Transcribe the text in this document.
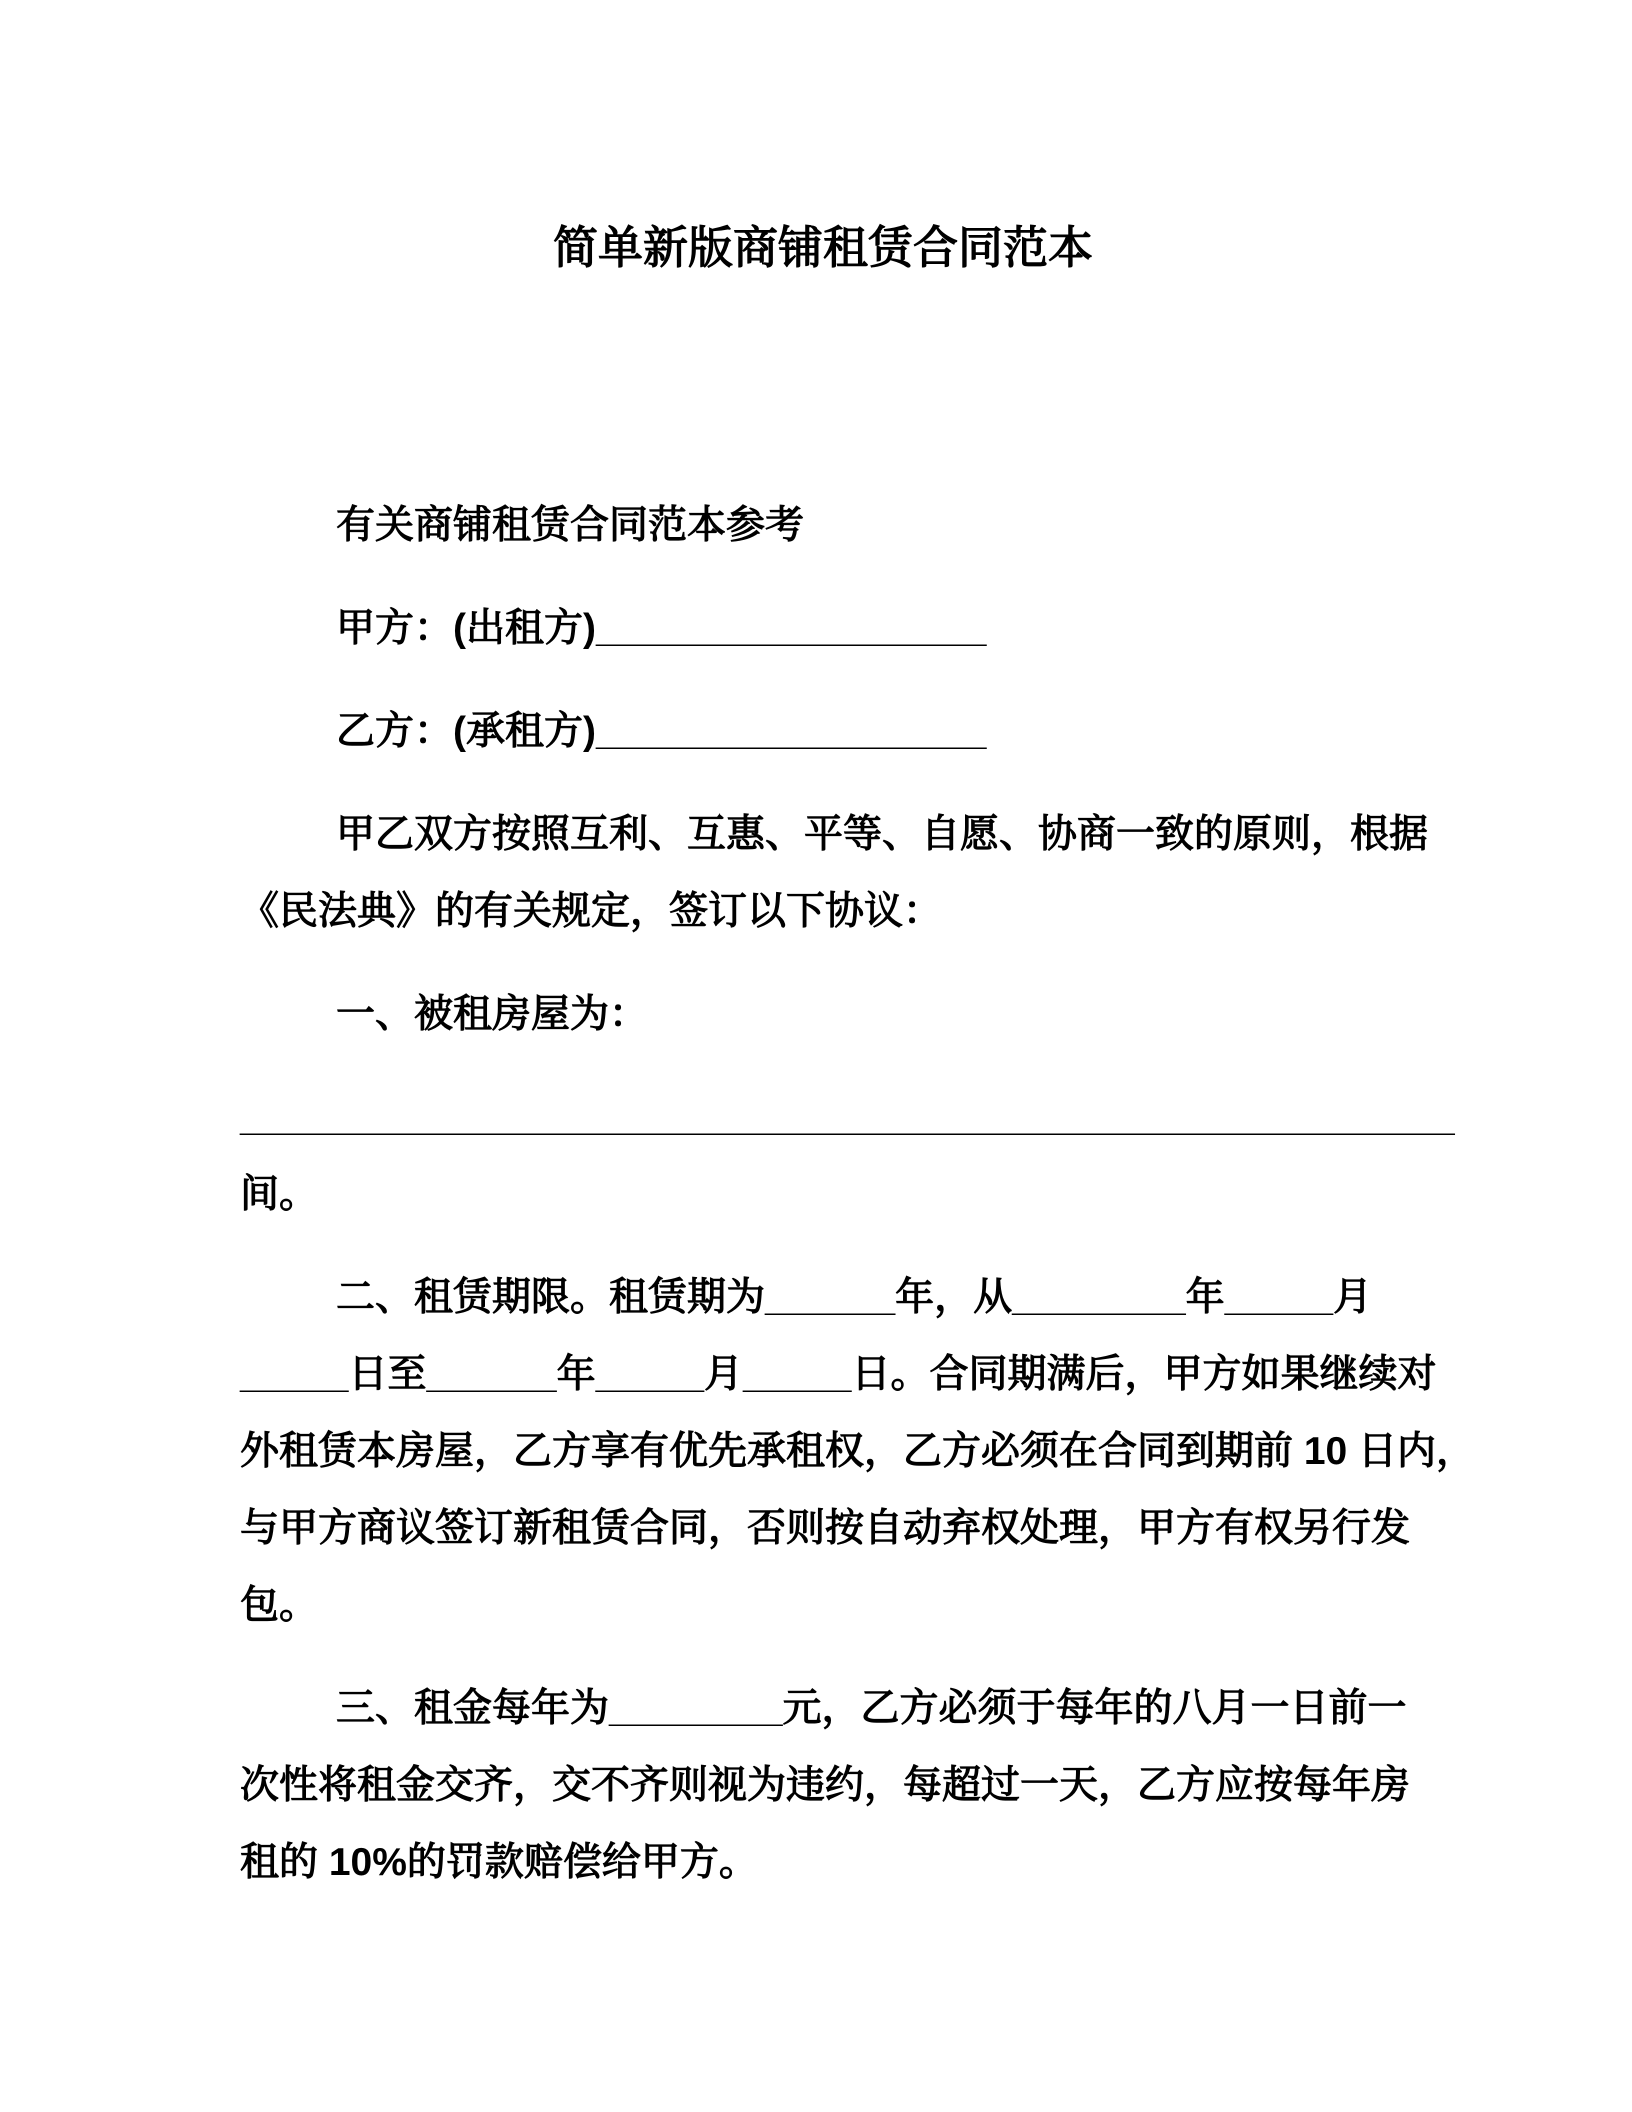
简单新版商铺租赁合同范本
有关商铺租赁合同范本参考
甲方：(出租方)__________________
乙方：(承租方)__________________
甲乙双方按照互利、互惠、平等、自愿、协商一致的原则，根据
《民法典》的有关规定，签订以下协议：
一、被租房屋为：
________________________________________________________
间。
二、租赁期限。租赁期为______年，从________年_____月
_____日至______年_____月_____日。合同期满后，甲方如果继续对
外租赁本房屋，乙方享有优先承租权，乙方必须在合同到期前 10 日内，
与甲方商议签订新租赁合同，否则按自动弃权处理，甲方有权另行发
包。
三、租金每年为________元，乙方必须于每年的八月一日前一
次性将租金交齐，交不齐则视为违约，每超过一天，乙方应按每年房
租的 10%的罚款赔偿给甲方。
